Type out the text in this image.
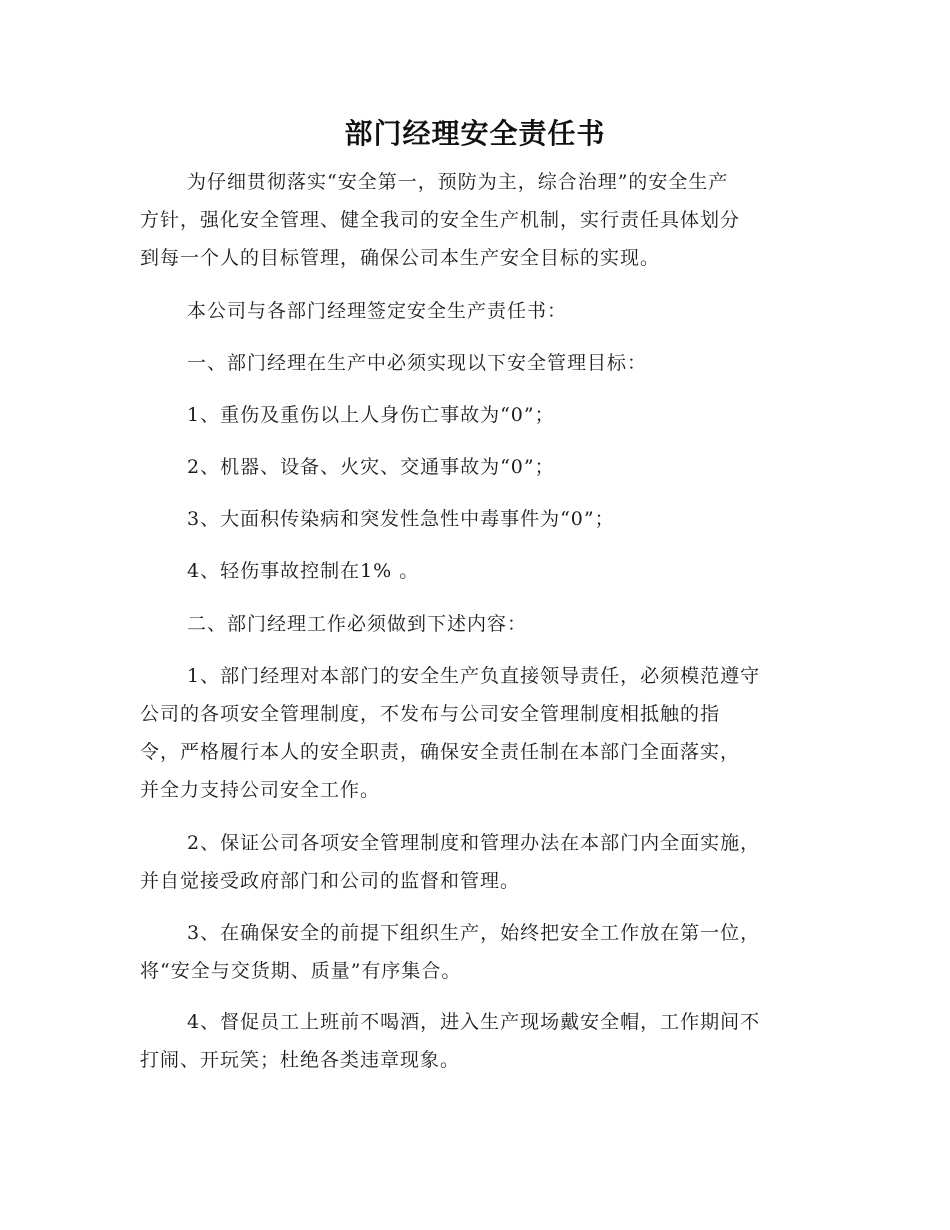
部门经理安全责任书

为仔细贯彻落实“安全第一，预防为主，综合治理”的安全生产
方针，强化安全管理、健全我司的安全生产机制，实行责任具体划分
到每一个人的目标管理，确保公司本生产安全目标的实现。

本公司与各部门经理签定安全生产责任书：

一、部门经理在生产中必须实现以下安全管理目标：

1、重伤及重伤以上人身伤亡事故为“0”；

2、机器、设备、火灾、交通事故为“0”；

3、大面积传染病和突发性急性中毒事件为“0”；

4、轻伤事故控制在1% 。

二、部门经理工作必须做到下述内容：

1、部门经理对本部门的安全生产负直接领导责任，必须模范遵守
公司的各项安全管理制度，不发布与公司安全管理制度相抵触的指
令，严格履行本人的安全职责，确保安全责任制在本部门全面落实，
并全力支持公司安全工作。

2、保证公司各项安全管理制度和管理办法在本部门内全面实施，
并自觉接受政府部门和公司的监督和管理。

3、在确保安全的前提下组织生产，始终把安全工作放在第一位，
将“安全与交货期、质量”有序集合。

4、督促员工上班前不喝酒，进入生产现场戴安全帽，工作期间不
打闹、开玩笑；杜绝各类违章现象。
